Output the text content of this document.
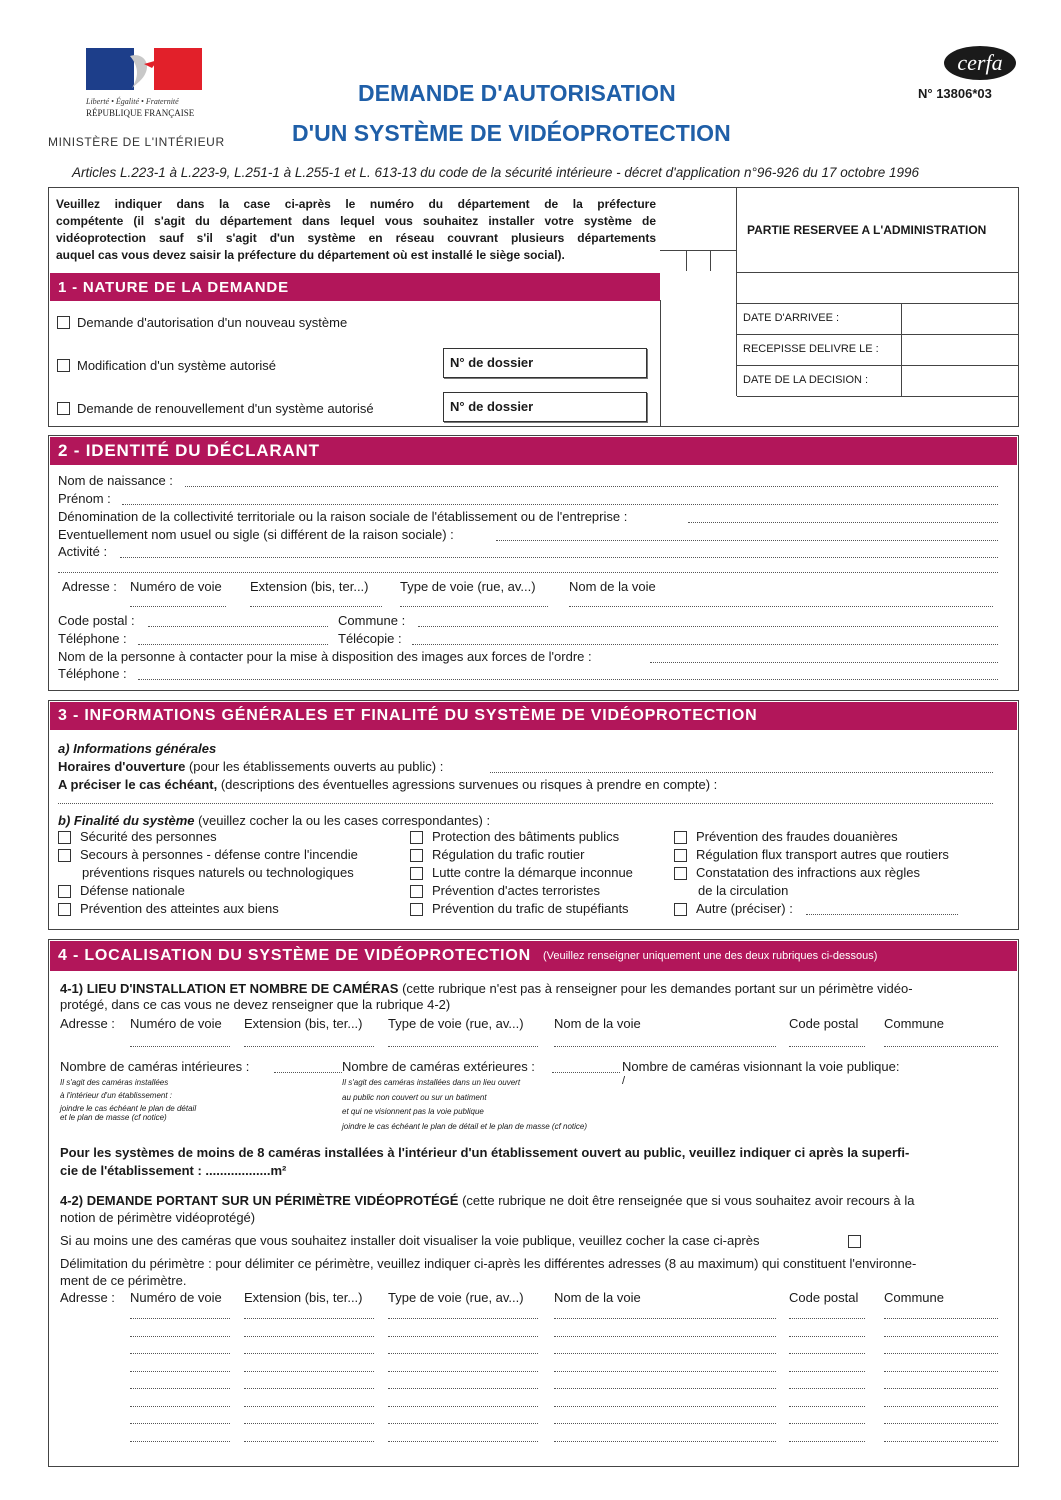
Liberté • Égalité • Fraternité
RÉPUBLIQUE FRANÇAISE
MINISTÈRE DE L'INTÉRIEUR
DEMANDE D'AUTORISATION
D'UN SYSTÈME DE VIDÉOPROTECTION
cerfa
N° 13806*03
Articles L.223-1 à L.223-9, L.251-1 à L.255-1 et L. 613-13 du code de la sécurité intérieure - décret d'application n°96-926 du 17 octobre 1996
Veuillez indiquer dans la case ci-après le numéro du département de la préfecture
compétente (il s'agit du département dans lequel vous souhaitez installer votre système de
vidéoprotection sauf s'il s'agit d'un système en réseau couvrant plusieurs départements
auquel cas vous devez saisir la préfecture du département où est installé le siège social).
PARTIE RESERVEE A L'ADMINISTRATION
DATE D'ARRIVEE :
RECEPISSE DELIVRE LE :
DATE DE LA DECISION :
1 - NATURE DE LA DEMANDE
Demande d'autorisation d'un nouveau système
Modification d'un système autorisé
Demande de renouvellement d'un système autorisé
N° de dossier
N° de dossier
2 - IDENTITÉ DU DÉCLARANT
Nom de naissance :
Prénom :
Dénomination de la collectivité territoriale ou la raison sociale de l'établissement ou de l'entreprise :
Eventuellement nom usuel ou sigle (si différent de la raison sociale) :
Activité :
Adresse : Numéro de voie Extension (bis, ter...) Type de voie (rue, av...)	Nom de la voie
Code postal :	Commune :
Téléphone :	Télécopie :
Nom de la personne à contacter pour la mise à disposition des images aux forces de l'ordre :
Téléphone :
3 - INFORMATIONS GÉNÉRALES ET FINALITÉ DU SYSTÈME DE VIDÉOPROTECTION
a) Informations générales
Horaires d'ouverture (pour les établissements ouverts au public) :
A préciser le cas échéant, (descriptions des éventuelles agressions survenues ou risques à prendre en compte) :
b) Finalité du système (veuillez cocher la ou les cases correspondantes) :
4 - LOCALISATION DU SYSTÈME DE VIDÉOPROTECTION (Veuillez renseigner uniquement une des deux rubriques ci-dessous)
4-1) LIEU D'INSTALLATION ET NOMBRE DE CAMÉRAS (cette rubrique n'est pas à renseigner pour les demandes portant sur un périmètre vidéo-
protégé, dans ce cas vous ne devez renseigner que la rubrique 4-2)
Adresse : Numéro de voie Extension (bis, ter...) Type de voie (rue, av...) Nom de la voie	Code postal Commune
Nombre de caméras intérieures :	Nombre de caméras extérieures :	Nombre de caméras visionnant la voie publique:
/
Il s'agit des caméras installées
à l'intérieur d'un établissement :
joindre le cas échéant le plan de détail
et le plan de masse (cf notice)
Il s'agit des caméras installées dans un lieu ouvert
au public non couvert ou sur un batiment
et qui ne visionnent pas la voie publique
joindre le cas échéant le plan de détail et le plan de masse (cf notice)
Pour les systèmes de moins de 8 caméras installées à l'intérieur d'un établissement ouvert au public, veuillez indiquer ci après la superfi-
cie de l'établissement : ..................m²
4-2) DEMANDE PORTANT SUR UN PÉRIMÈTRE VIDÉOPROTÉGÉ (cette rubrique ne doit être renseignée que si vous souhaitez avoir recours à la
notion de périmètre vidéoprotégé)
Si au moins une des caméras que vous souhaitez installer doit visualiser la voie publique, veuillez cocher la case ci-après
Délimitation du périmètre : pour délimiter ce périmètre, veuillez indiquer ci-après les différentes adresses (8 au maximum) qui constituent l'environne-
ment de ce périmètre.
Adresse : Numéro de voie Extension (bis, ter...) Type de voie (rue, av...) Nom de la voie	Code postal Commune
Sécurité des personnes
Secours à personnes - défense contre l'incendie
préventions risques naturels ou technologiques
Défense nationale
Prévention des atteintes aux biens
Protection des bâtiments publics
Régulation du trafic routier
Lutte contre la démarque inconnue
Prévention d'actes terroristes
Prévention du trafic de stupéfiants
Prévention des fraudes douanières
Régulation flux transport autres que routiers
Constatation des infractions aux règles
de la circulation
Autre (préciser) :
